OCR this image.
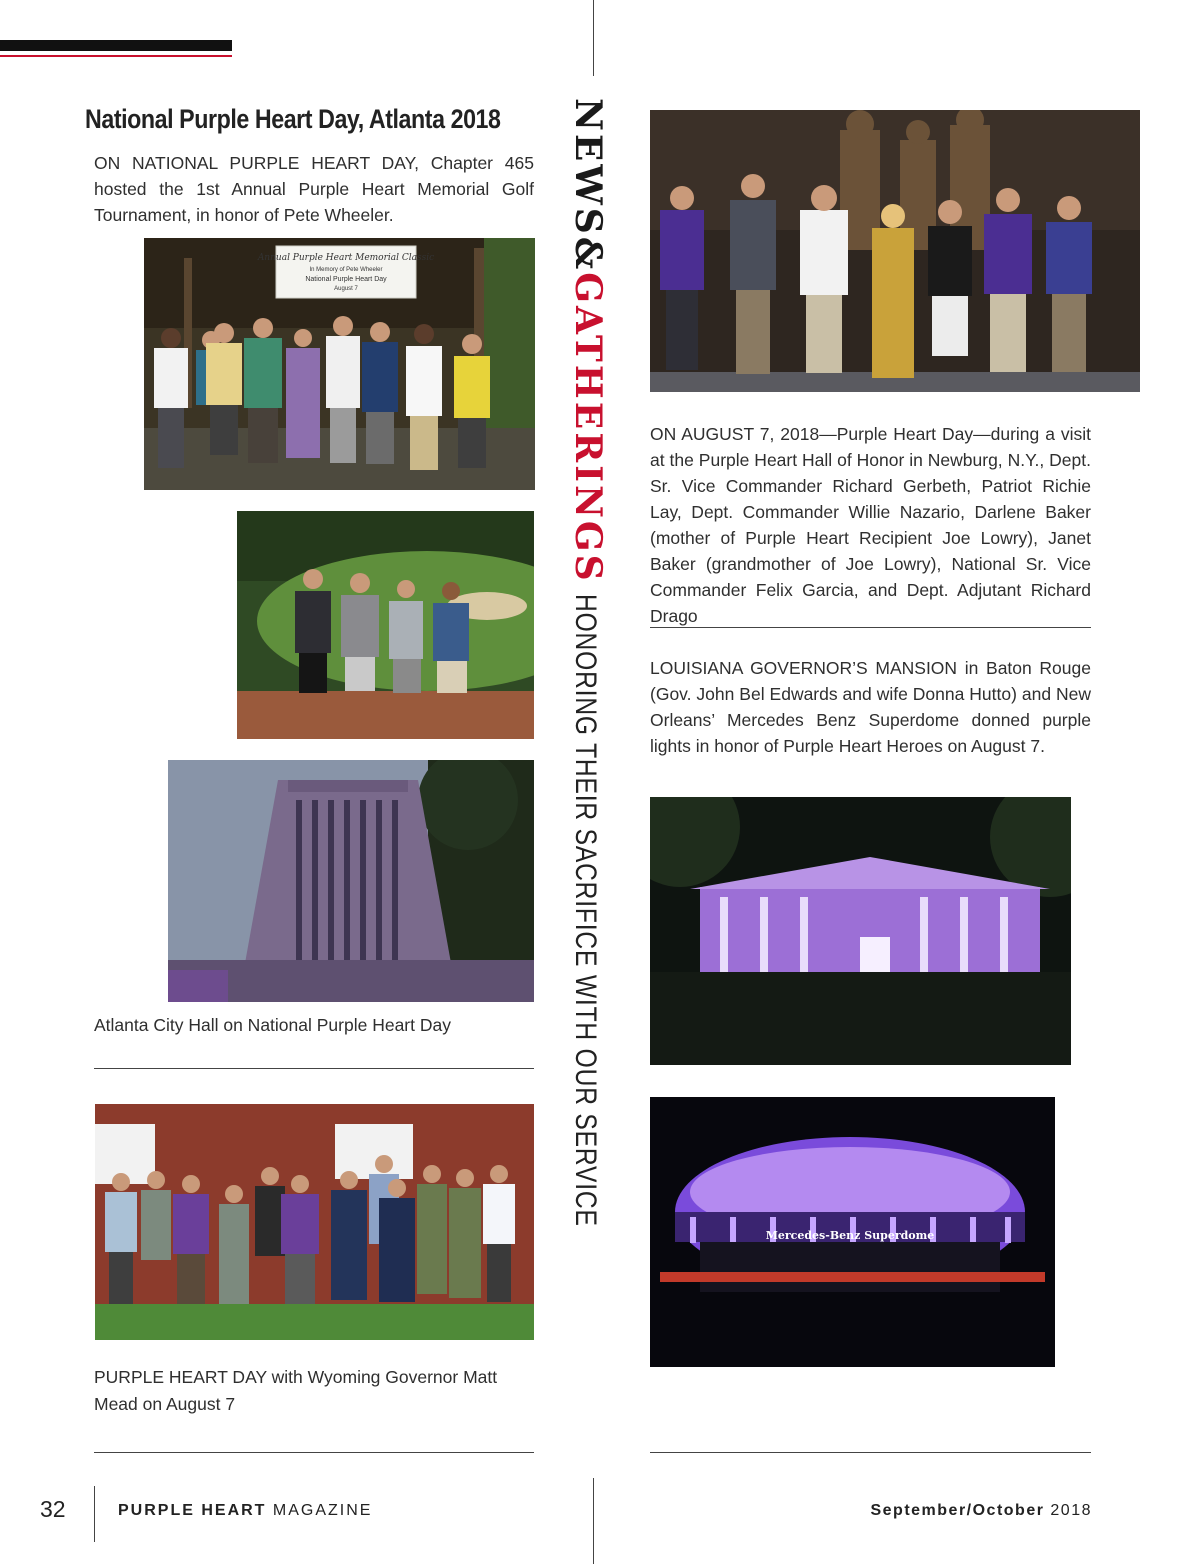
National Purple Heart Day, Atlanta 2018
ON NATIONAL PURPLE HEART DAY, Chapter 465 hosted the 1st Annual Purple Heart Memorial Golf Tournament, in honor of Pete Wheeler.
Annual Purple Heart Memorial Classic
In Memory of Pete Wheeler
National Purple Heart Day
August 7
Atlanta City Hall on National Purple Heart Day
PURPLE HEART DAY with Wyoming Governor Matt Mead on August 7
NEWS&GATHERINGSHONORING THEIR SACRIFICE WITH OUR SERVICE
ON AUGUST 7, 2018—Purple Heart Day—during a visit at the Purple Heart Hall of Honor in Newburg, N.Y., Dept. Sr. Vice Commander Richard Gerbeth, Patriot Richie Lay, Dept. Commander Willie Nazario, Darlene Baker (mother of Purple Heart Recipient Joe Lowry), Janet Baker (grandmother of Joe Lowry), National Sr. Vice Commander Felix Garcia, and Dept. Adjutant Richard Drago
LOUISIANA GOVERNOR’S MANSION in Baton Rouge (Gov. John Bel Edwards and wife Donna Hutto) and New Orleans’ Mercedes Benz Superdome donned purple lights in honor of Purple Heart Heroes on August 7.
Mercedes-Benz Superdome
32	PURPLE HEART MAGAZINE	September/October 2018
